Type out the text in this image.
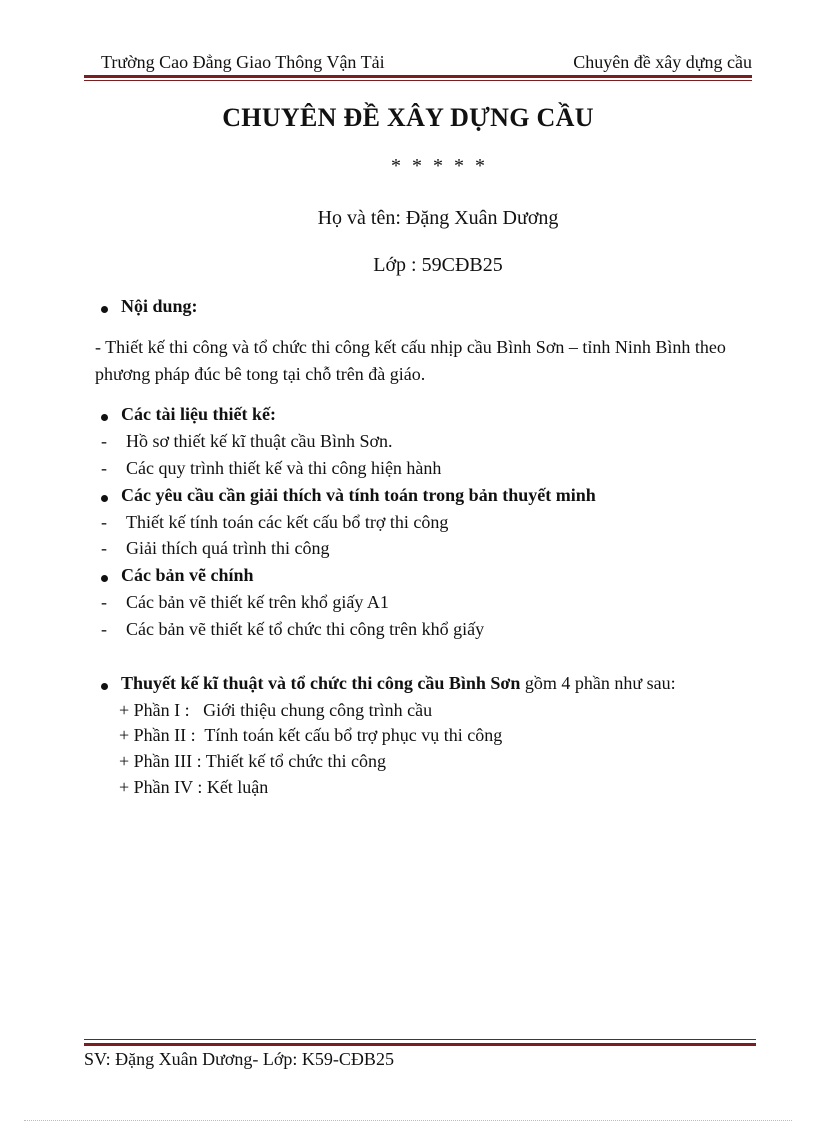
Trường Cao Đẳng Giao Thông Vận Tải	Chuyên đề xây dựng cầu
CHUYÊN ĐỀ XÂY DỰNG CẦU
* * * * *
Họ và tên: Đặng Xuân Dương
Lớp : 59CĐB25
Nội dung:
- Thiết kế thi công và tổ chức thi công kết cấu nhịp cầu Bình Sơn – tỉnh Ninh Bình theo
phương pháp đúc bê tong tại chỗ trên đà giáo.
Các tài liệu thiết kế:
- Hồ sơ thiết kế kĩ thuật cầu Bình Sơn.
- Các quy trình thiết kế và thi công hiện hành
Các yêu cầu cần giải thích và tính toán trong bản thuyết minh
- Thiết kế tính toán các kết cấu bổ trợ thi công
- Giải thích quá trình thi công
Các bản vẽ chính
- Các bản vẽ thiết kế trên khổ giấy A1
- Các bản vẽ thiết kế tổ chức thi công trên khổ giấy
Thuyết kế kĩ thuật và tổ chức thi công cầu Bình Sơn gồm 4 phần như sau:
+ Phần I :   Giới thiệu chung công trình cầu
+ Phần II :  Tính toán kết cấu bổ trợ phục vụ thi công
+ Phần III : Thiết kế tổ chức thi công
+ Phần IV : Kết luận
SV: Đặng Xuân Dương- Lớp: K59-CĐB25
